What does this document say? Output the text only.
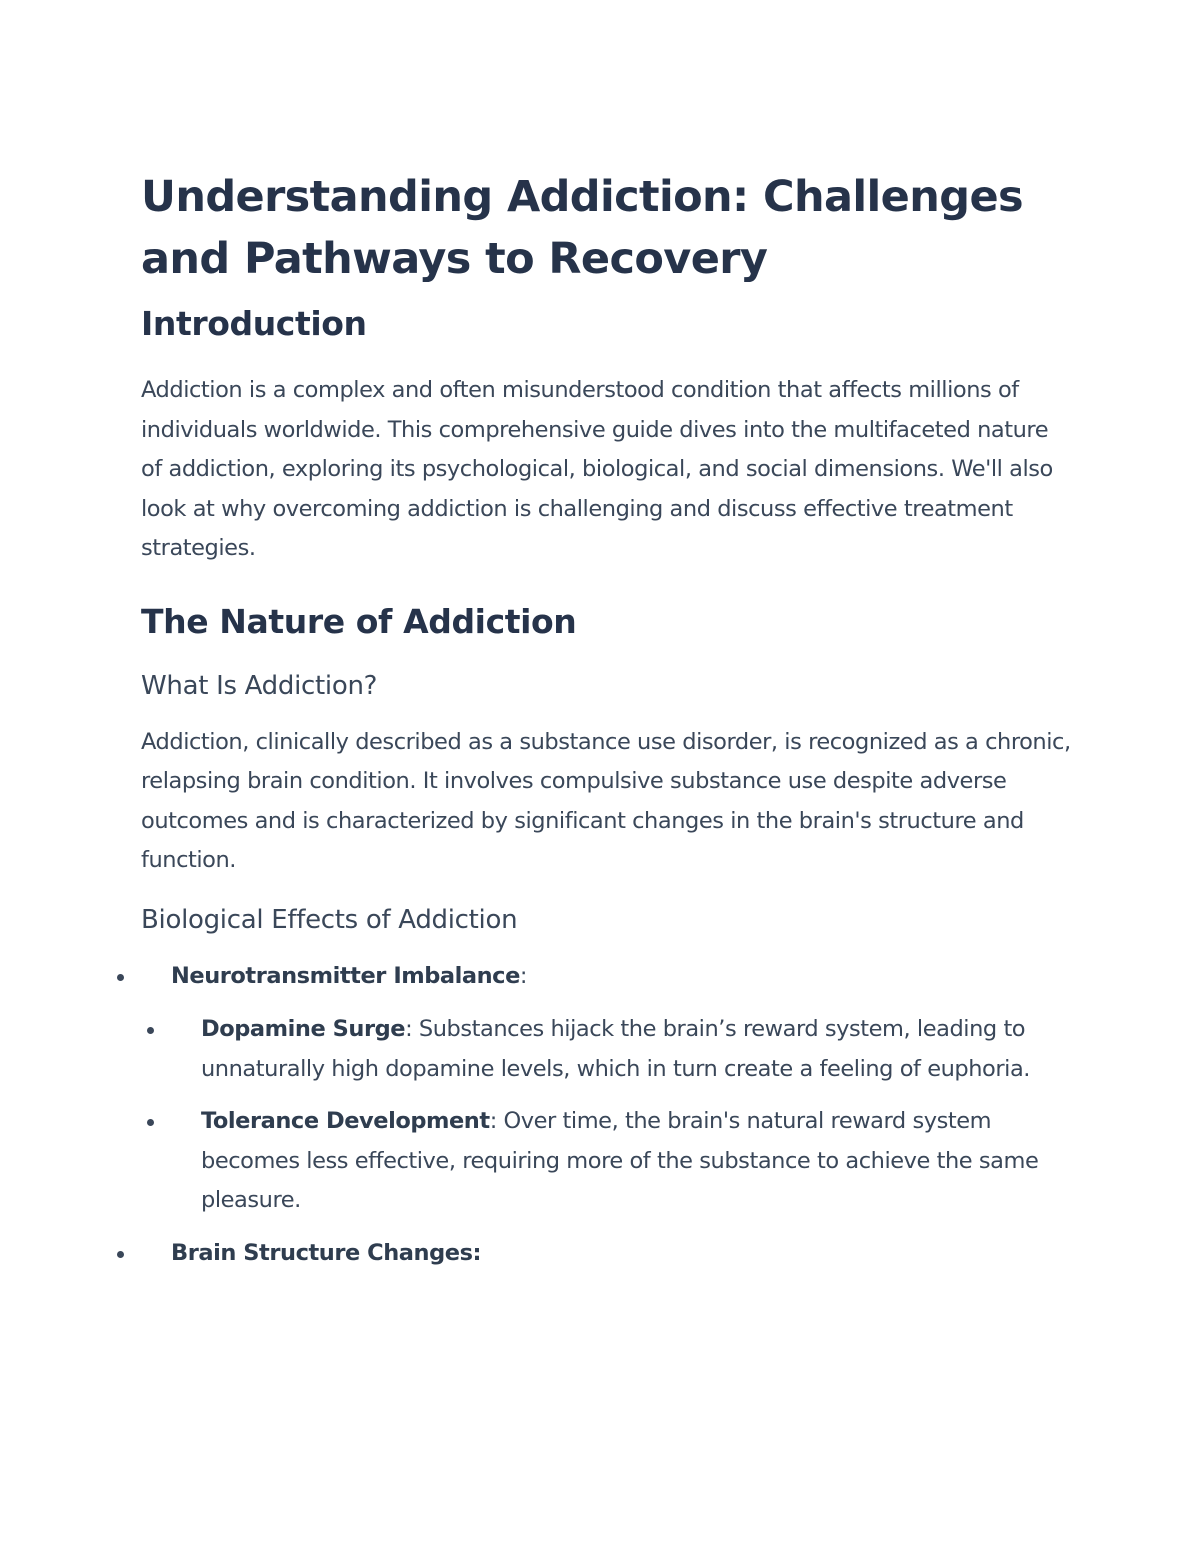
Understanding Addiction: Challenges and Pathways to Recovery
Introduction

Addiction is a complex and often misunderstood condition that affects millions of individuals worldwide. This comprehensive guide dives into the multifaceted nature of addiction, exploring its psychological, biological, and social dimensions. We'll also look at why overcoming addiction is challenging and discuss effective treatment strategies.

The Nature of Addiction
What Is Addiction?

Addiction, clinically described as a substance use disorder, is recognized as a chronic, relapsing brain condition. It involves compulsive substance use despite adverse outcomes and is characterized by significant changes in the brain's structure and function.

Biological Effects of Addiction
Neurotransmitter Imbalance:
Dopamine Surge: Substances hijack the brain’s reward system, leading to unnaturally high dopamine levels, which in turn create a feeling of euphoria.
Tolerance Development: Over time, the brain's natural reward system becomes less effective, requiring more of the substance to achieve the same pleasure.
Brain Structure Changes:
